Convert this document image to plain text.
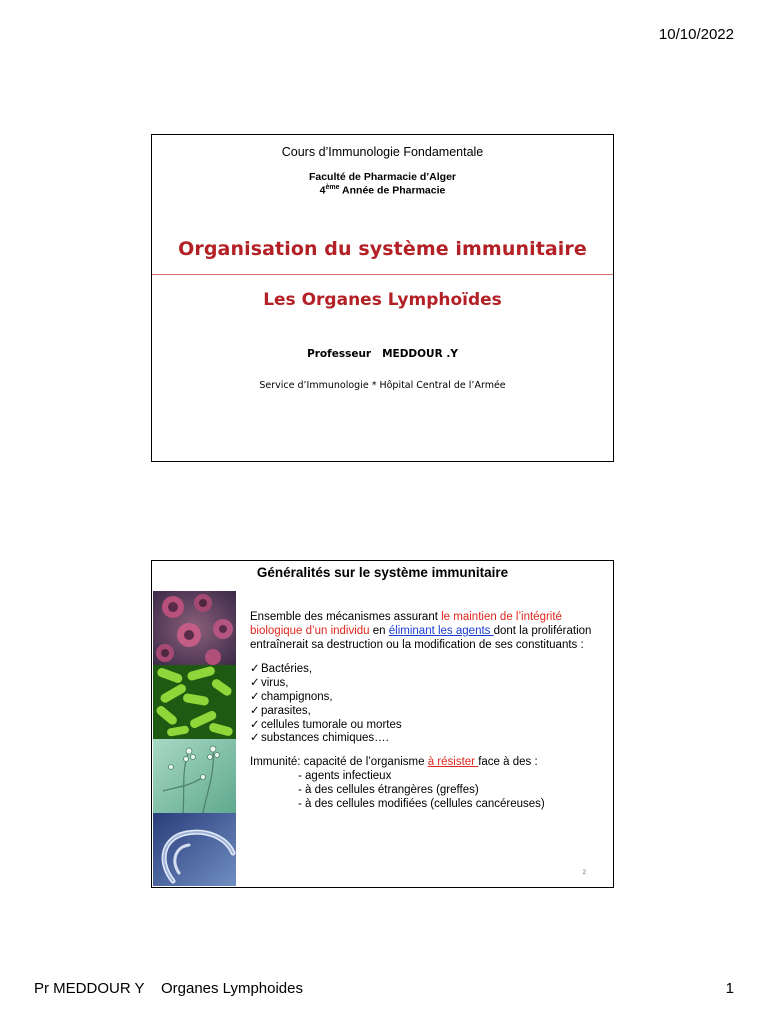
10/10/2022
Cours d’Immunologie Fondamentale
Faculté de Pharmacie d’Alger
4ème Année de Pharmacie
Organisation du système immunitaire
Les Organes Lymphoïdes
Professeur   MEDDOUR .Y
Service d’Immunologie * Hôpital Central de l’Armée
Généralités sur le système immunitaire
Ensemble des mécanismes assurant le maintien de l’intégrité biologique d’un individu en éliminant les agents dont la prolifération entraînerait sa destruction ou la modification de ses constituants :
✓Bactéries,
✓virus,
✓champignons,
✓parasites,
✓cellules tumorale ou mortes
✓substances chimiques….
Immunité: capacité de l’organisme à résister face à des :
- agents infectieux
- à des cellules étrangères (greffes)
- à des cellules modifiées (cellules cancéreuses)
2
Pr MEDDOUR Y    Organes Lymphoides	1
